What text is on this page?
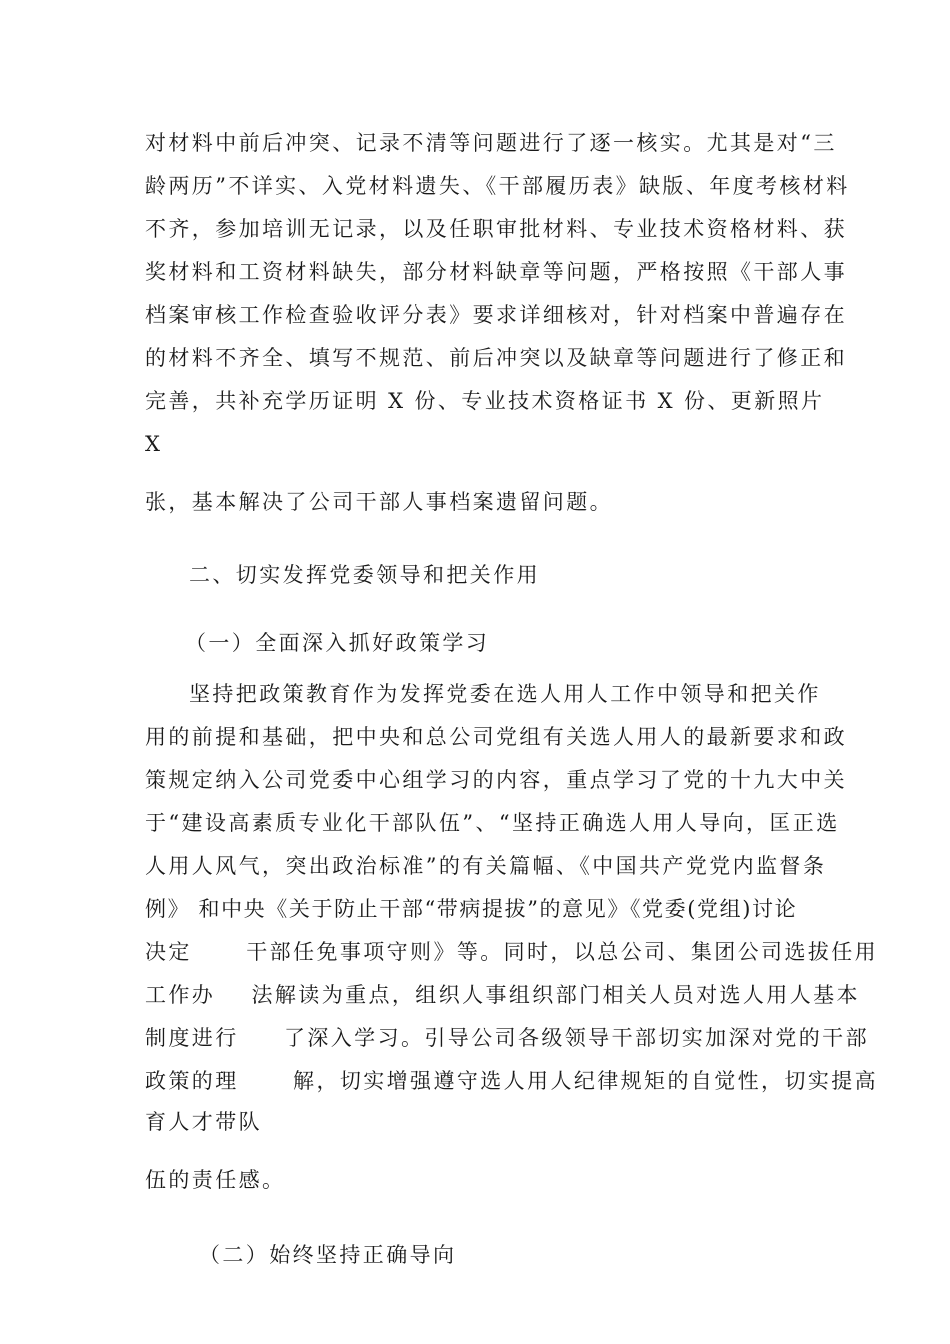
对材料中前后冲突、记录不清等问题进行了逐一核实。尤其是对“三
龄两历”不详实、入党材料遗失、《干部履历表》缺版、年度考核材料
不齐，参加培训无记录，以及任职审批材料、专业技术资格材料、获
奖材料和工资材料缺失，部分材料缺章等问题，严格按照《干部人事
档案审核工作检查验收评分表》要求详细核对，针对档案中普遍存在
的材料不齐全、填写不规范、前后冲突以及缺章等问题进行了修正和
完善，共补充学历证明 X 份、专业技术资格证书 X 份、更新照片
X
张，基本解决了公司干部人事档案遗留问题。
二、切实发挥党委领导和把关作用
（一）全面深入抓好政策学习
坚持把政策教育作为发挥党委在选人用人工作中领导和把关作
用的前提和基础，把中央和总公司党组有关选人用人的最新要求和政
策规定纳入公司党委中心组学习的内容，重点学习了党的十九大中关
于“建设高素质专业化干部队伍”、“坚持正确选人用人导向，匡正选
人用人风气，突出政治标准”的有关篇幅、《中国共产党党内监督条
例》 和中央《关于防止干部“带病提拔”的意见》《党委(党组)讨论
决定      干部任免事项守则》等。同时，以总公司、集团公司选拔任用
工作办    法解读为重点，组织人事组织部门相关人员对选人用人基本
制度进行     了深入学习。引导公司各级领导干部切实加深对党的干部
政策的理      解，切实增强遵守选人用人纪律规矩的自觉性，切实提高
育人才带队
伍的责任感。
（二）始终坚持正确导向
